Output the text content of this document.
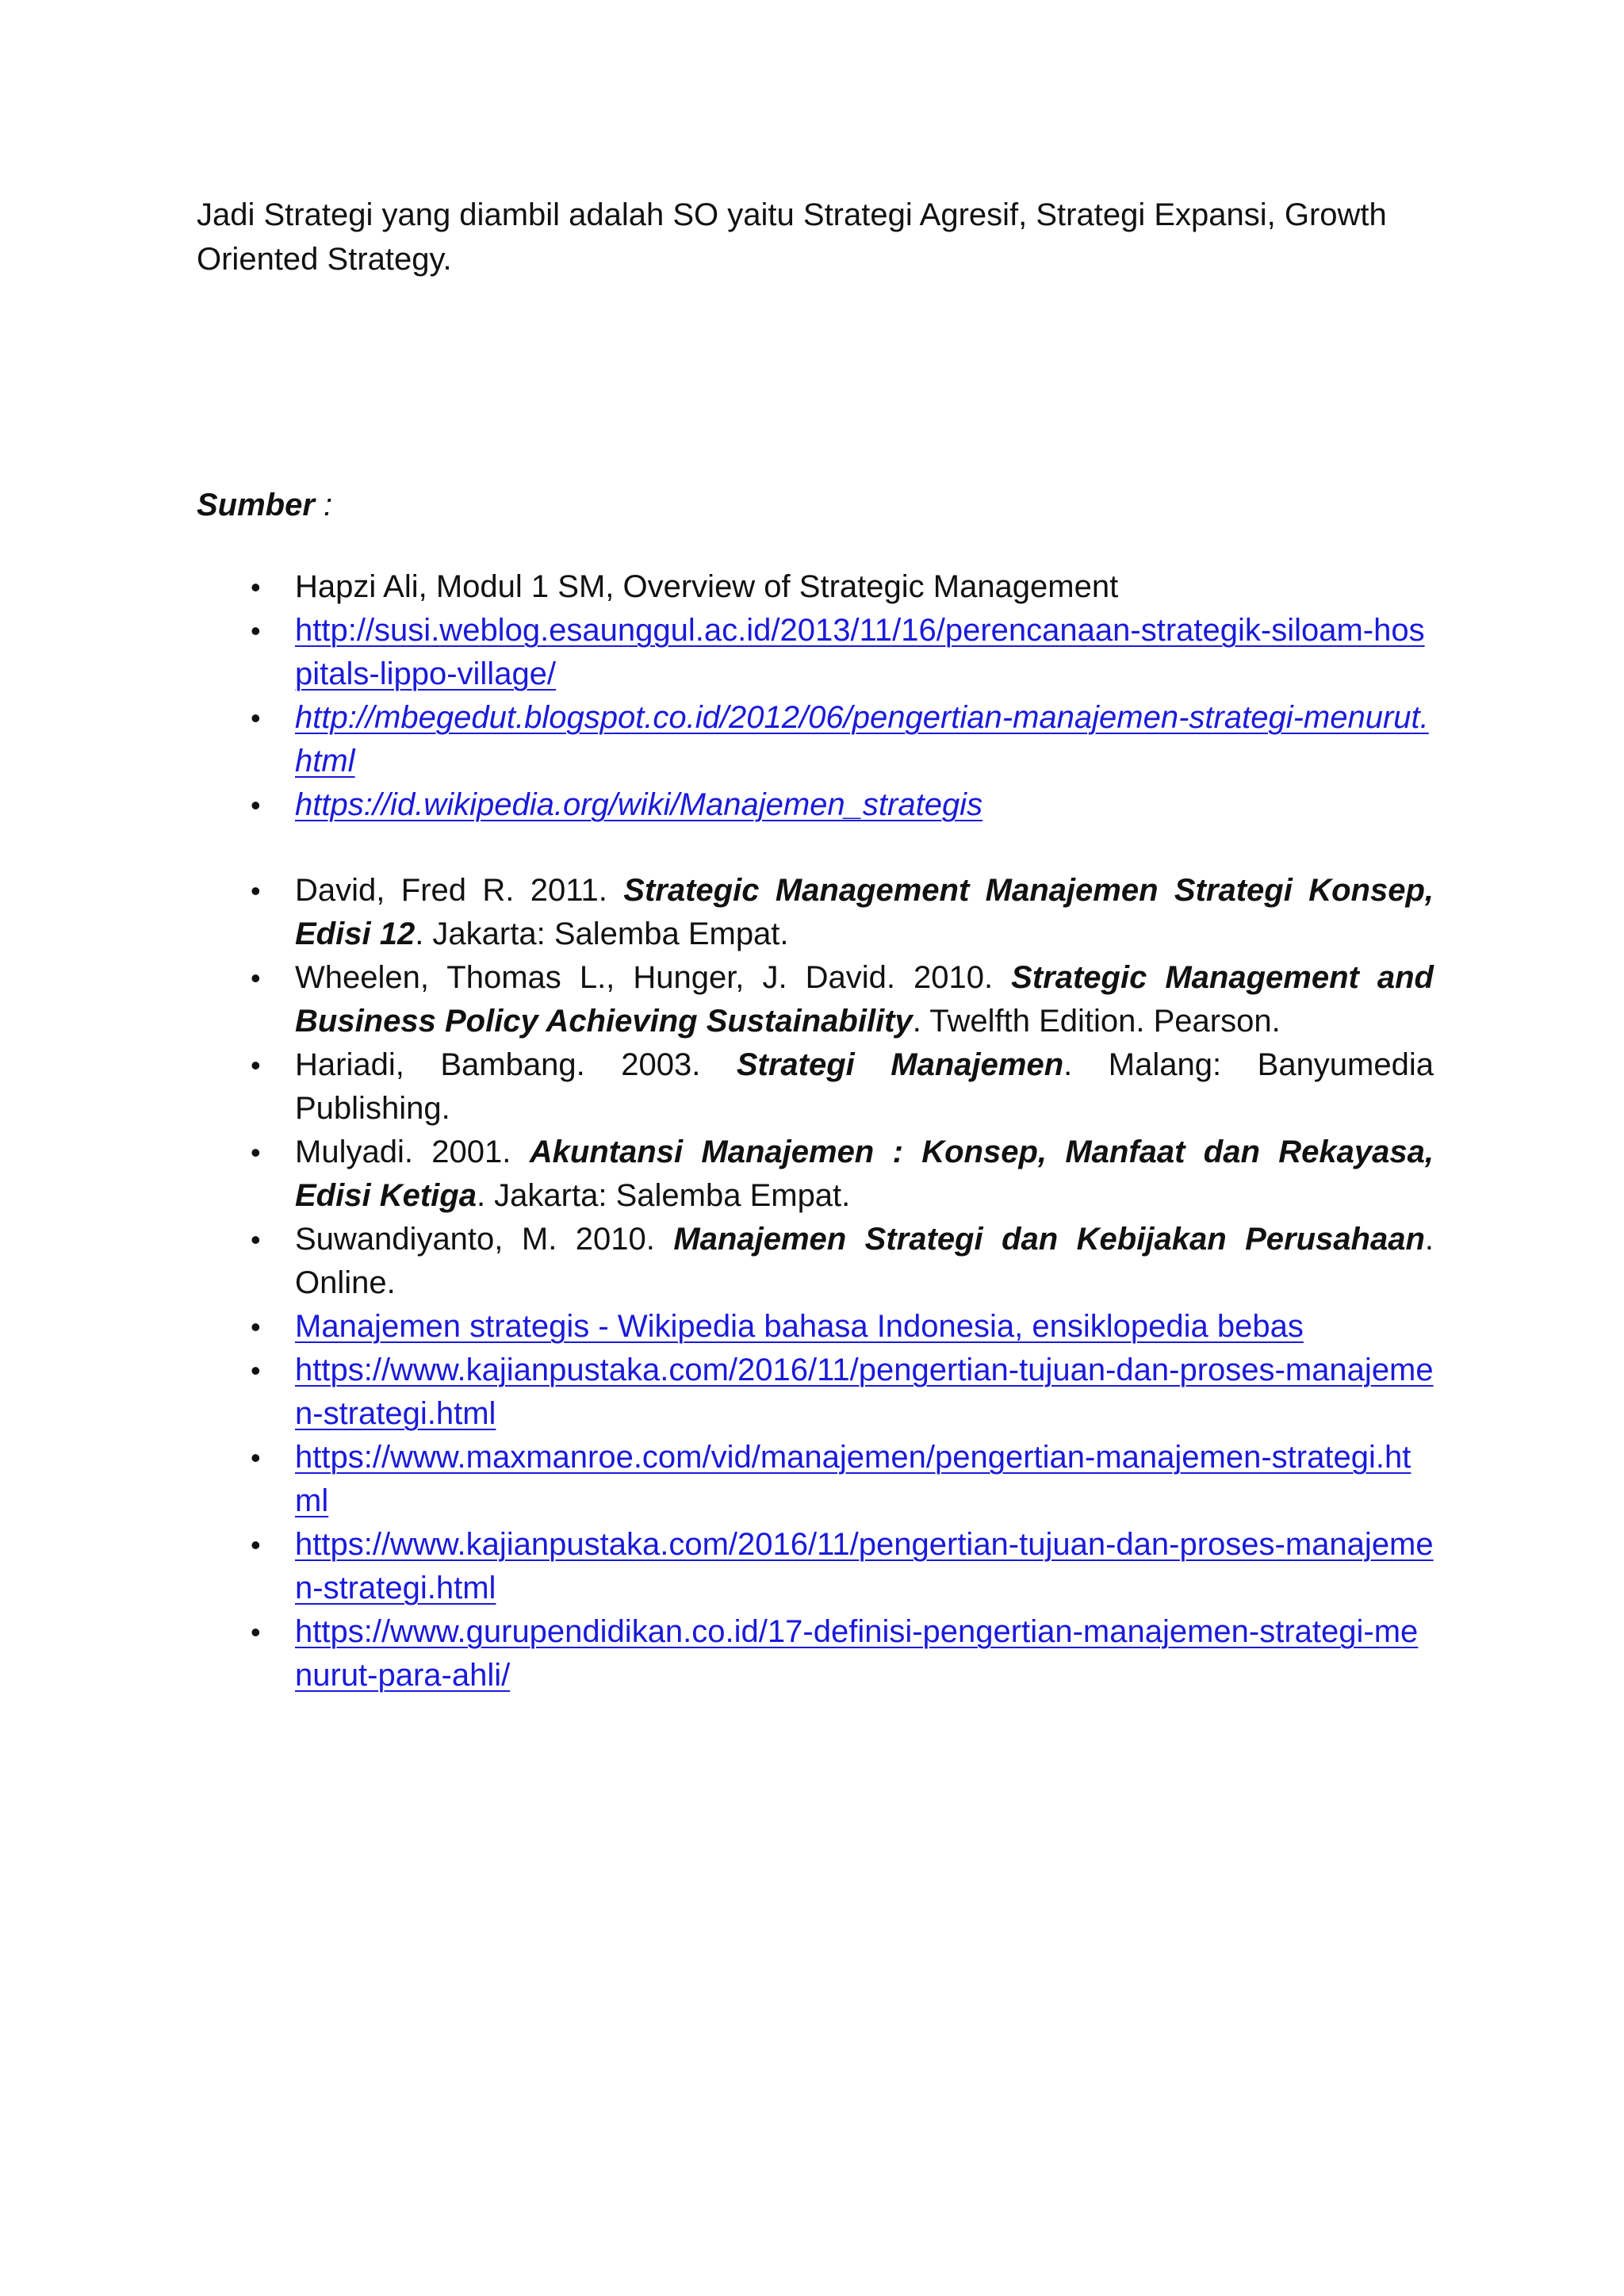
Jadi Strategi yang diambil adalah SO yaitu Strategi Agresif, Strategi Expansi, Growth Oriented Strategy.

Sumber :

•	Hapzi Ali, Modul 1 SM, Overview of Strategic Management
•	http://susi.weblog.esaunggul.ac.id/2013/11/16/perencanaan-strategik-siloam-hospitals-lippo-village/
•	http://mbegedut.blogspot.co.id/2012/06/pengertian-manajemen-strategi-menurut.html
•	https://id.wikipedia.org/wiki/Manajemen_strategis
•	David, Fred R. 2011. Strategic Management Manajemen Strategi Konsep, Edisi 12. Jakarta: Salemba Empat.
•	Wheelen, Thomas L., Hunger, J. David. 2010. Strategic Management and Business Policy Achieving Sustainability. Twelfth Edition. Pearson.
•	Hariadi, Bambang. 2003. Strategi Manajemen. Malang: Banyumedia Publishing.
•	Mulyadi. 2001. Akuntansi Manajemen : Konsep, Manfaat dan Rekayasa, Edisi Ketiga. Jakarta: Salemba Empat.
•	Suwandiyanto, M. 2010. Manajemen Strategi dan Kebijakan Perusahaan. Online.
•	Manajemen strategis - Wikipedia bahasa Indonesia, ensiklopedia bebas
•	https://www.kajianpustaka.com/2016/11/pengertian-tujuan-dan-proses-manajemen-strategi.html
•	https://www.maxmanroe.com/vid/manajemen/pengertian-manajemen-strategi.html
•	https://www.kajianpustaka.com/2016/11/pengertian-tujuan-dan-proses-manajemen-strategi.html
•	https://www.gurupendidikan.co.id/17-definisi-pengertian-manajemen-strategi-menurut-para-ahli/
